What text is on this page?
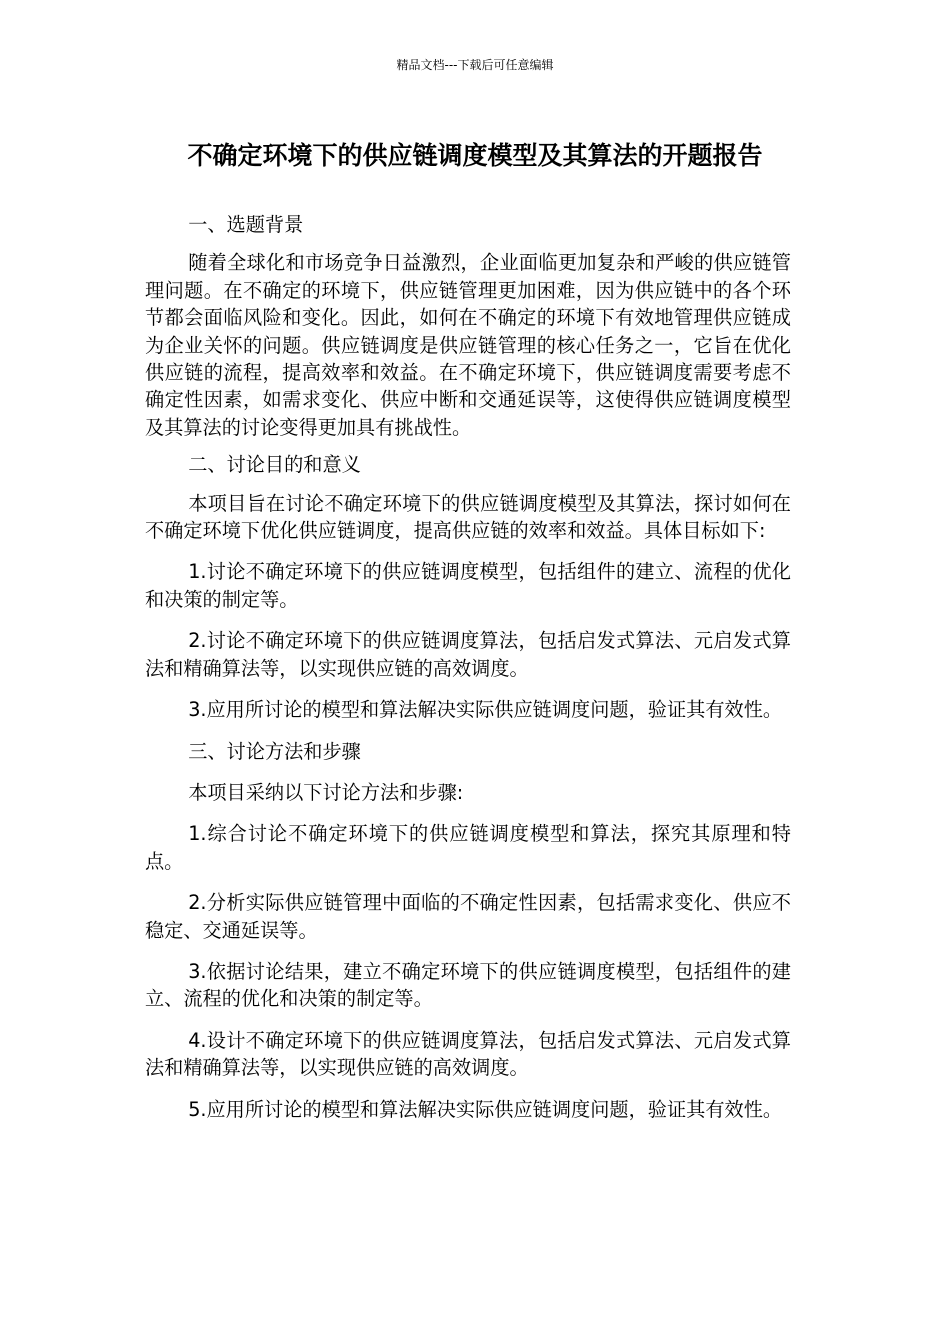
精品文档---下载后可任意编辑
不确定环境下的供应链调度模型及其算法的开题报告

一、选题背景

随着全球化和市场竞争日益激烈，企业面临更加复杂和严峻的供应链管理问题。在不确定的环境下，供应链管理更加困难，因为供应链中的各个环节都会面临风险和变化。因此，如何在不确定的环境下有效地管理供应链成为企业关怀的问题。供应链调度是供应链管理的核心任务之一，它旨在优化供应链的流程，提高效率和效益。在不确定环境下，供应链调度需要考虑不确定性因素，如需求变化、供应中断和交通延误等，这使得供应链调度模型及其算法的讨论变得更加具有挑战性。

二、讨论目的和意义

本项目旨在讨论不确定环境下的供应链调度模型及其算法，探讨如何在不确定环境下优化供应链调度，提高供应链的效率和效益。具体目标如下:

1.讨论不确定环境下的供应链调度模型，包括组件的建立、流程的优化和决策的制定等。

2.讨论不确定环境下的供应链调度算法，包括启发式算法、元启发式算法和精确算法等，以实现供应链的高效调度。

3.应用所讨论的模型和算法解决实际供应链调度问题，验证其有效性。

三、讨论方法和步骤

本项目采纳以下讨论方法和步骤:

1.综合讨论不确定环境下的供应链调度模型和算法，探究其原理和特点。

2.分析实际供应链管理中面临的不确定性因素，包括需求变化、供应不稳定、交通延误等。

3.依据讨论结果，建立不确定环境下的供应链调度模型，包括组件的建立、流程的优化和决策的制定等。

4.设计不确定环境下的供应链调度算法，包括启发式算法、元启发式算法和精确算法等，以实现供应链的高效调度。

5.应用所讨论的模型和算法解决实际供应链调度问题，验证其有效性。
